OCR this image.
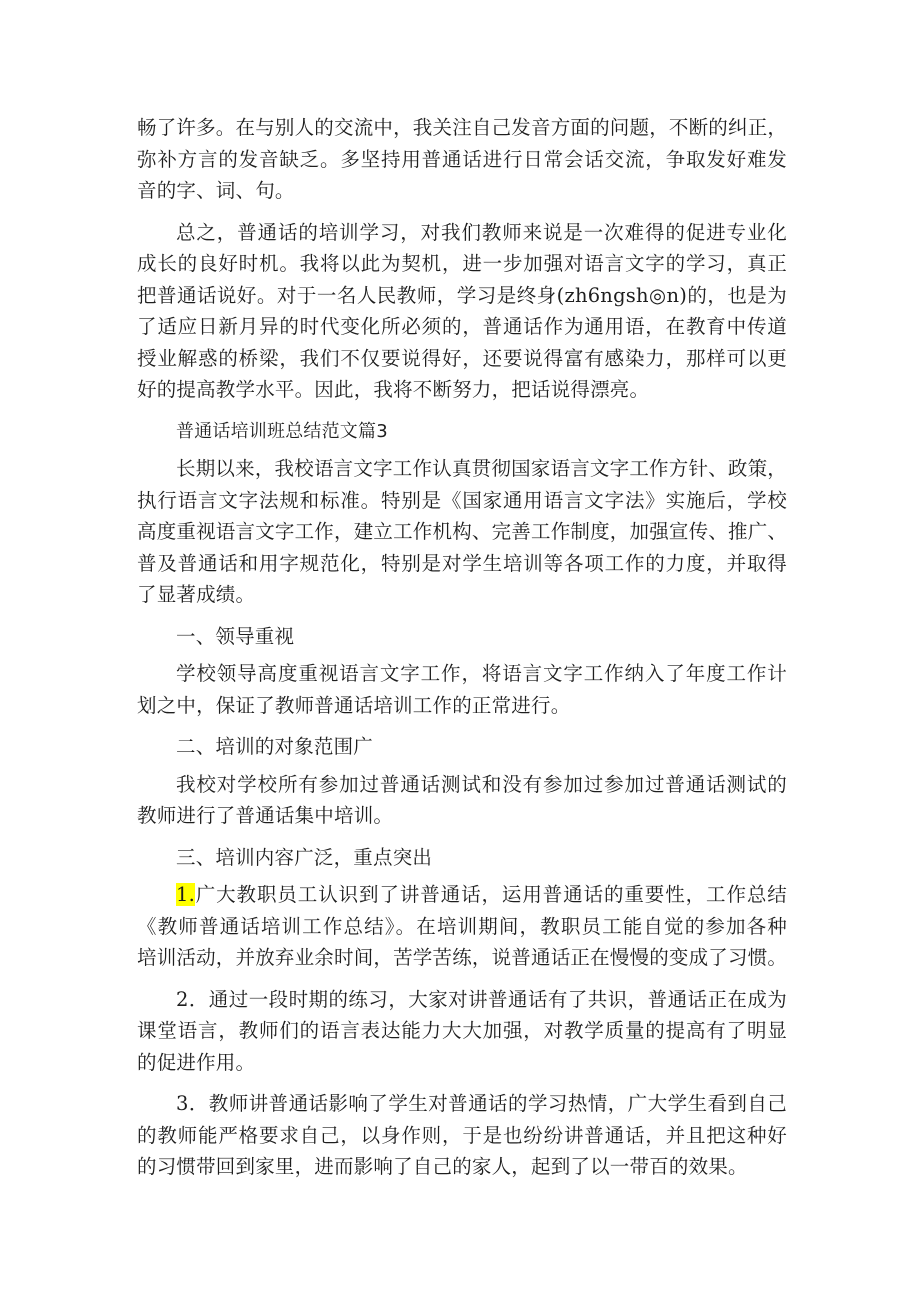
畅了许多。在与别人的交流中，我关注自己发音方面的问题，不断的纠正，
弥补方言的发音缺乏。多坚持用普通话进行日常会话交流，争取发好难发
音的字、词、句。
总之，普通话的培训学习，对我们教师来说是一次难得的促进专业化
成长的良好时机。我将以此为契机，进一步加强对语言文字的学习，真正
把普通话说好。对于一名人民教师，学习是终身(zh6ngsh◎n)的，也是为
了适应日新月异的时代变化所必须的，普通话作为通用语，在教育中传道
授业解惑的桥梁，我们不仅要说得好，还要说得富有感染力，那样可以更
好的提高教学水平。因此，我将不断努力，把话说得漂亮。
普通话培训班总结范文篇3
长期以来，我校语言文字工作认真贯彻国家语言文字工作方针、政策，
执行语言文字法规和标准。特别是《国家通用语言文字法》实施后，学校
高度重视语言文字工作，建立工作机构、完善工作制度，加强宣传、推广、
普及普通话和用字规范化，特别是对学生培训等各项工作的力度，并取得
了显著成绩。
一、领导重视
学校领导高度重视语言文字工作，将语言文字工作纳入了年度工作计
划之中，保证了教师普通话培训工作的正常进行。
二、培训的对象范围广
我校对学校所有参加过普通话测试和没有参加过参加过普通话测试的
教师进行了普通话集中培训。
三、培训内容广泛，重点突出
1.广大教职员工认识到了讲普通话，运用普通话的重要性，工作总结
《教师普通话培训工作总结》。在培训期间，教职员工能自觉的参加各种
培训活动，并放弃业余时间，苦学苦练，说普通话正在慢慢的变成了习惯。
2．通过一段时期的练习，大家对讲普通话有了共识，普通话正在成为
课堂语言，教师们的语言表达能力大大加强，对教学质量的提高有了明显
的促进作用。
3．教师讲普通话影响了学生对普通话的学习热情，广大学生看到自己
的教师能严格要求自己，以身作则，于是也纷纷讲普通话，并且把这种好
的习惯带回到家里，进而影响了自己的家人，起到了以一带百的效果。
